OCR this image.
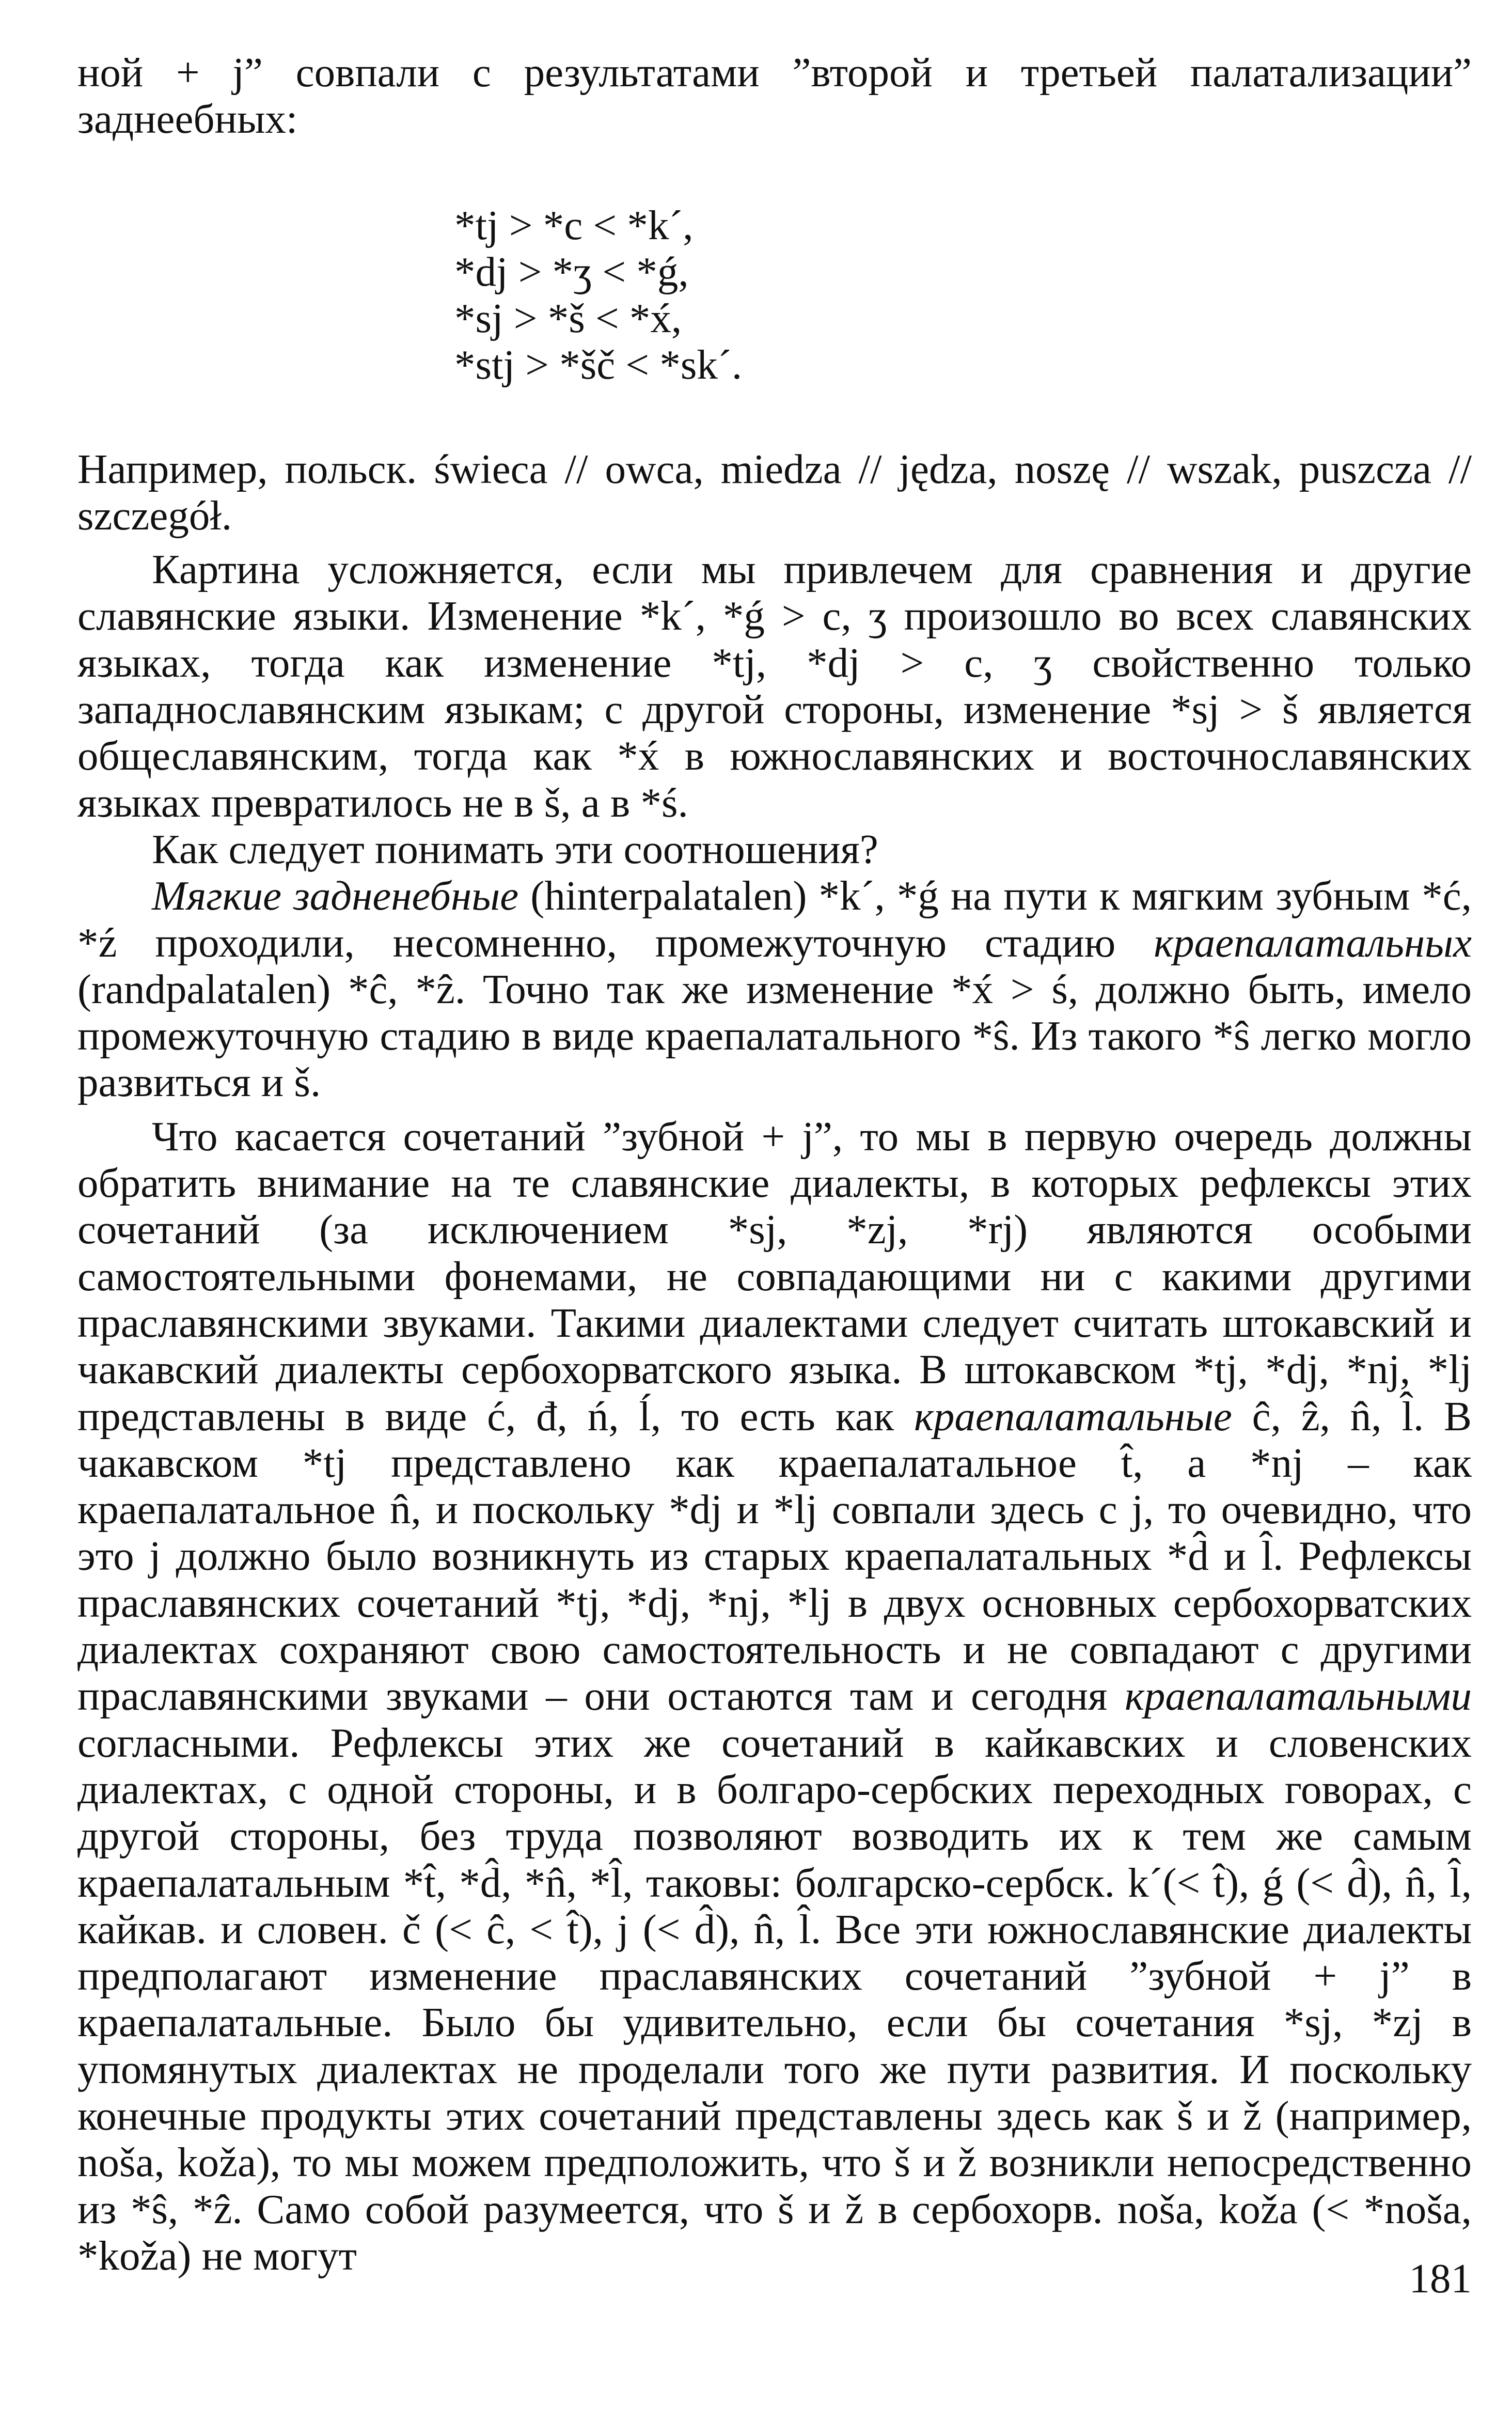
ной + j” совпали с результатами ”второй и третьей палатализации” заднеебных:

*tj > *c < *k´,
*dj > *ʒ < *ǵ,
*sj > *š < *x́,
*stj > *šč < *sk´.

Например, польск. świeca // owca, miedza // jędza, noszę // wszak, puszcza // szczegół.

Картина усложняется, если мы привлечем для сравнения и другие славянские языки. Изменение *k´, *ǵ > c, ʒ произошло во всех славянских языках, тогда как изменение *tj, *dj > c, ʒ свойственно только западнославянским языкам; с другой стороны, изменение *sj > š является общеславянским, тогда как *x́ в южнославянских и восточнославянских языках превратилось не в š, а в *ś.

Как следует понимать эти соотношения?

Мягкие задненебные (hinterpalatalen) *k´, *ǵ на пути к мягким зубным *ć, *ź проходили, несомненно, промежуточную стадию краепалатальных (randpalatalen) *ĉ, *ẑ. Точно так же изменение *x́ > ś, должно быть, имело промежуточную стадию в виде краепалатального *ŝ. Из такого *ŝ легко могло развиться и š.

Что касается сочетаний ”зубной + j”, то мы в первую очередь должны обратить внимание на те славянские диалекты, в которых рефлексы этих сочетаний (за исключением *sj, *zj, *rj) являются особыми самостоятельными фонемами, не совпадающими ни с какими другими праславянскими звуками. Такими диалектами следует считать штокавский и чакавский диалекты сербохорватского языка. В штокавском *tj, *dj, *nj, *lj представлены в виде ć, đ, ń, ĺ, то есть как краепалатальные ĉ, ẑ, n̂, l̂. В чакавском *tj представлено как краепалатальное t̂, а *nj – как краепалатальное n̂, и поскольку *dj и *lj совпали здесь с j, то очевидно, что это j должно было возникнуть из старых краепалатальных *d̂ и l̂. Рефлексы праславянских сочетаний *tj, *dj, *nj, *lj в двух основных сербохорватских диалектах сохраняют свою самостоятельность и не совпадают с другими праславянскими звуками – они остаются там и сегодня краепалатальными согласными. Рефлексы этих же сочетаний в кайкавских и словенских диалектах, с одной стороны, и в болгаро-сербских переходных говорах, с другой стороны, без труда позволяют возводить их к тем же самым краепалатальным *t̂, *d̂, *n̂, *l̂, таковы: болгарско-сербск. k´(< t̂), ǵ (< d̂), n̂, l̂, кайкав. и словен. č (< ĉ, < t̂), j (< d̂), n̂, l̂. Все эти южнославянские диалекты предполагают изменение праславянских сочетаний ”зубной + j” в краепалатальные. Было бы удивительно, если бы сочетания *sj, *zj в упомянутых диалектах не проделали того же пути развития. И поскольку конечные продукты этих сочетаний представлены здесь как š и ž (например, noša, koža), то мы можем предположить, что š и ž возникли непосредственно из *ŝ, *ẑ. Само собой разумеется, что š и ž в сербохорв. noša, koža (< *noša, *koža) не могут	181
